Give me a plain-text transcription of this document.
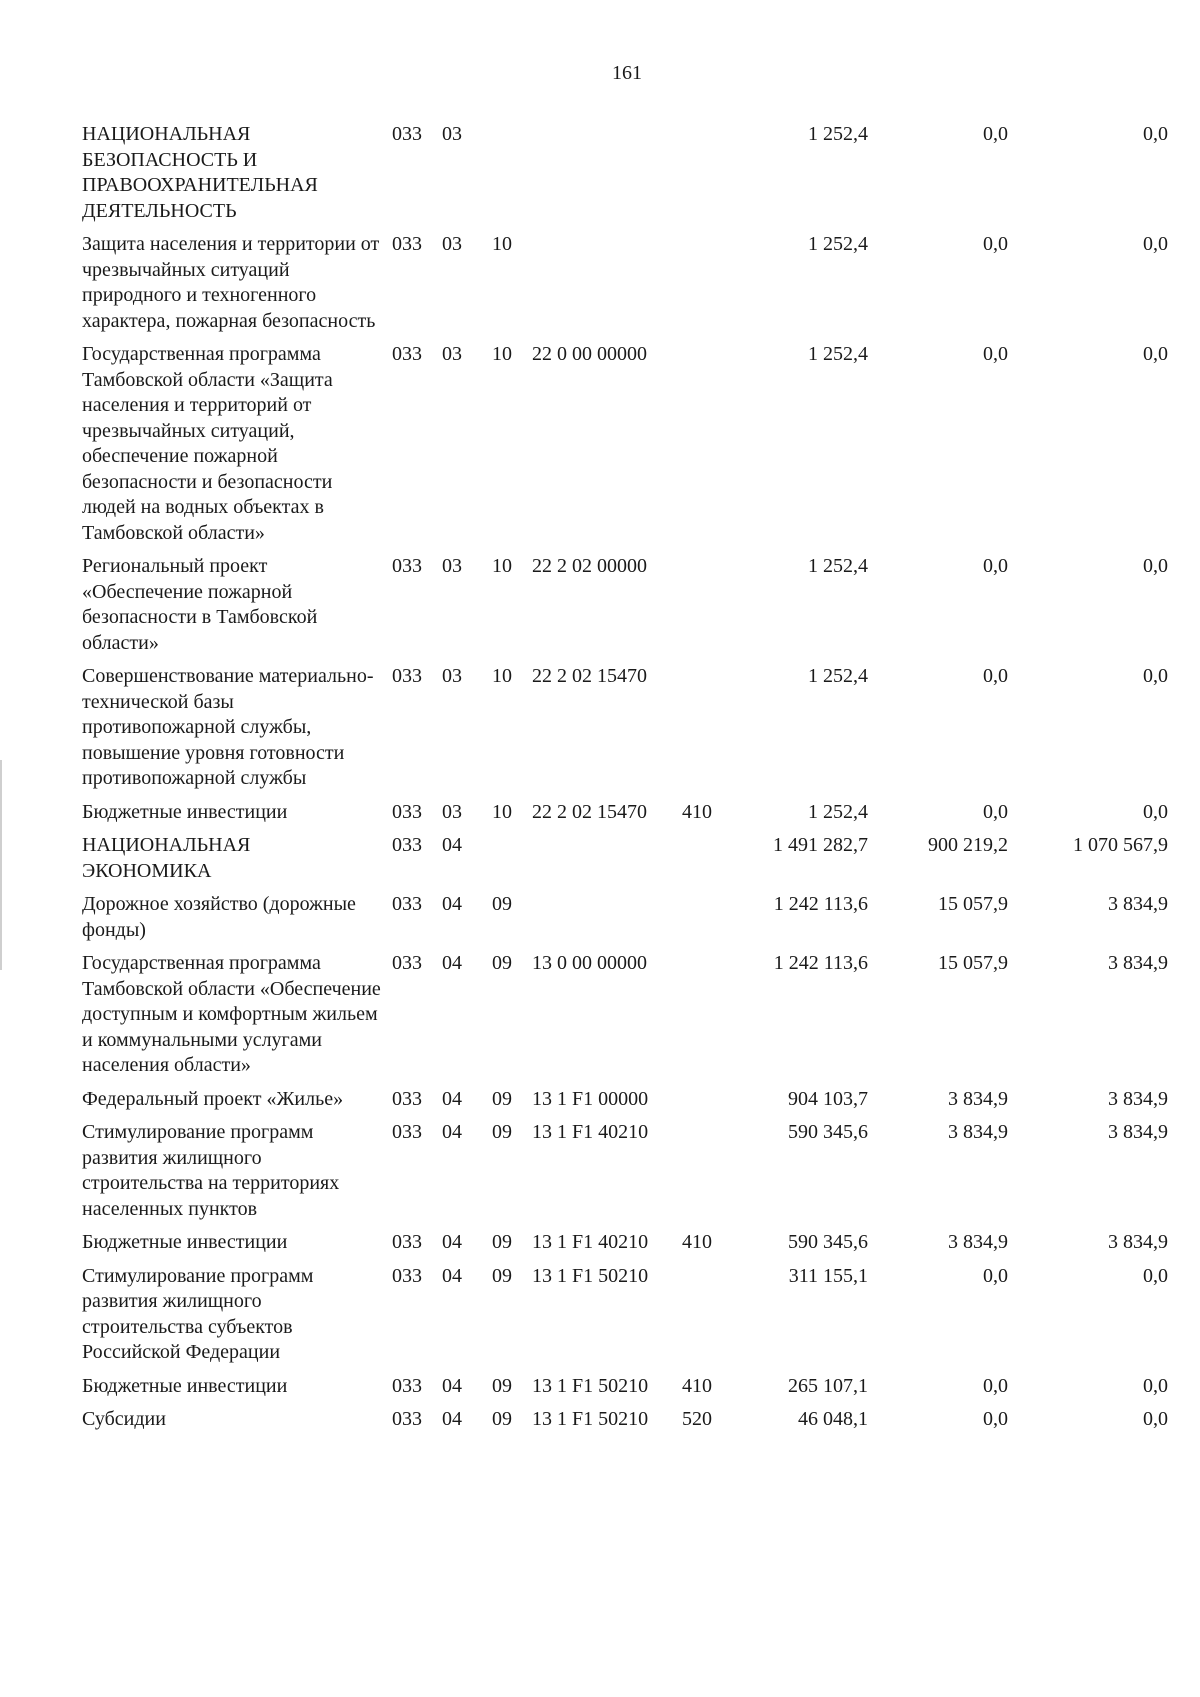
161
НАЦИОНАЛЬНАЯ БЕЗОПАСНОСТЬ И ПРАВООХРАНИТЕЛЬНАЯ ДЕЯТЕЛЬНОСТЬ	033	03				1 252,4	0,0	0,0
Защита населения и территории от чрезвычайных ситуаций природного и техногенного характера, пожарная безопасность	033	03	10			1 252,4	0,0	0,0
Государственная программа Тамбовской области «Защита населения и территорий от чрезвычайных ситуаций, обеспечение пожарной безопасности и безопасности людей на водных объектах в Тамбовской области»	033	03	10	22 0 00 00000		1 252,4	0,0	0,0
Региональный проект «Обеспечение пожарной безопасности в Тамбовской области»	033	03	10	22 2 02 00000		1 252,4	0,0	0,0
Совершенствование материально-технической базы противопожарной службы, повышение уровня готовности противопожарной службы	033	03	10	22 2 02 15470		1 252,4	0,0	0,0
Бюджетные инвестиции	033	03	10	22 2 02 15470	410	1 252,4	0,0	0,0
НАЦИОНАЛЬНАЯ ЭКОНОМИКА	033	04				1 491 282,7	900 219,2	1 070 567,9
Дорожное хозяйство (дорожные фонды)	033	04	09			1 242 113,6	15 057,9	3 834,9
Государственная программа Тамбовской области «Обеспечение доступным и комфортным жильем и коммунальными услугами населения области»	033	04	09	13 0 00 00000		1 242 113,6	15 057,9	3 834,9
Федеральный проект «Жилье»	033	04	09	13 1 F1 00000		904 103,7	3 834,9	3 834,9
Стимулирование программ развития жилищного строительства на территориях населенных пунктов	033	04	09	13 1 F1 40210		590 345,6	3 834,9	3 834,9
Бюджетные инвестиции	033	04	09	13 1 F1 40210	410	590 345,6	3 834,9	3 834,9
Стимулирование программ развития жилищного строительства субъектов Российской Федерации	033	04	09	13 1 F1 50210		311 155,1	0,0	0,0
Бюджетные инвестиции	033	04	09	13 1 F1 50210	410	265 107,1	0,0	0,0
Субсидии	033	04	09	13 1 F1 50210	520	46 048,1	0,0	0,0
